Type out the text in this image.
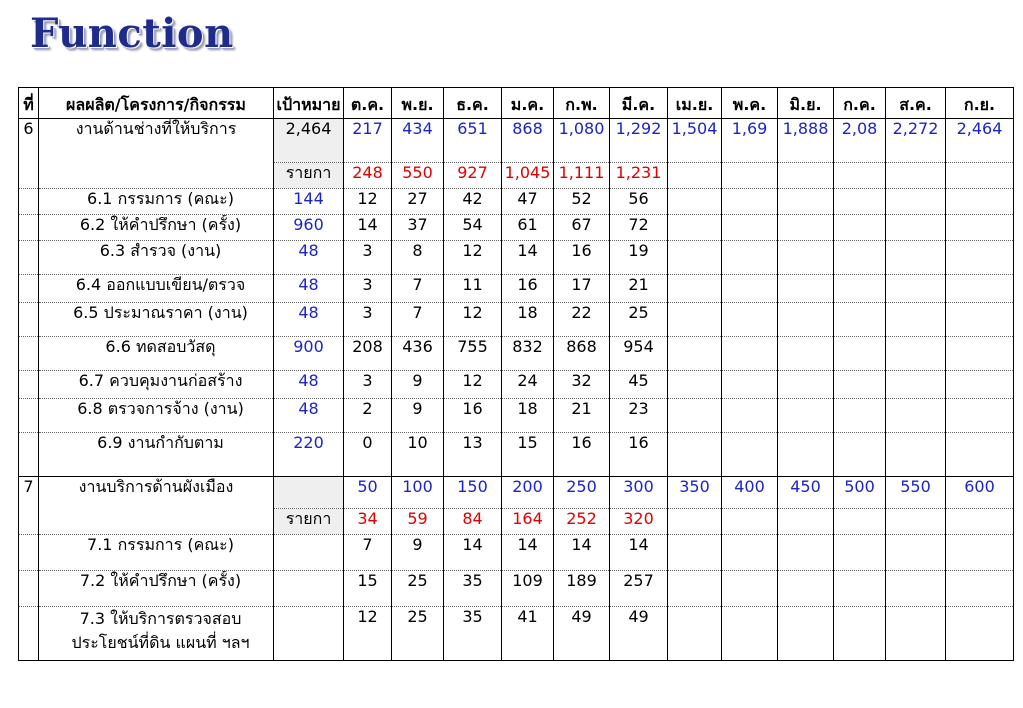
Function
ที่	ผลผลิต/โครงการ/กิจกรรม	เป้าหมาย	ต.ค.	พ.ย.	ธ.ค.	ม.ค.	ก.พ.	มี.ค.	เม.ย.	พ.ค.	มิ.ย.	ก.ค.	ส.ค.	ก.ย.
6	งานด้านช่างที่ให้บริการ	2,464	217	434	651	868	1,080	1,292	1,504	1,69	1,888	2,08	2,272	2,464
		รายกา	248	550	927	1,045	1,111	1,231						
	6.1 กรรมการ (คณะ)	144	12	27	42	47	52	56						
	6.2 ให้คำปรึกษา (ครั้ง)	960	14	37	54	61	67	72						
	6.3 สำรวจ (งาน)	48	3	8	12	14	16	19						
	6.4 ออกแบบเขียน/ตรวจ	48	3	7	11	16	17	21						
	6.5 ประมาณราคา (งาน)	48	3	7	12	18	22	25						
	6.6 ทดสอบวัสดุ	900	208	436	755	832	868	954						
	6.7 ควบคุมงานก่อสร้าง	48	3	9	12	24	32	45						
	6.8 ตรวจการจ้าง (งาน)	48	2	9	16	18	21	23						
	6.9 งานกำกับตาม	220	0	10	13	15	16	16						
7	งานบริการด้านผังเมือง		50	100	150	200	250	300	350	400	450	500	550	600
		รายกา	34	59	84	164	252	320						
	7.1 กรรมการ (คณะ)		7	9	14	14	14	14						
	7.2 ให้คำปรึกษา (ครั้ง)		15	25	35	109	189	257						
	7.3 ให้บริการตรวจสอบประโยชน์ที่ดิน แผนที่ ฯลฯ		12	25	35	41	49	49						
